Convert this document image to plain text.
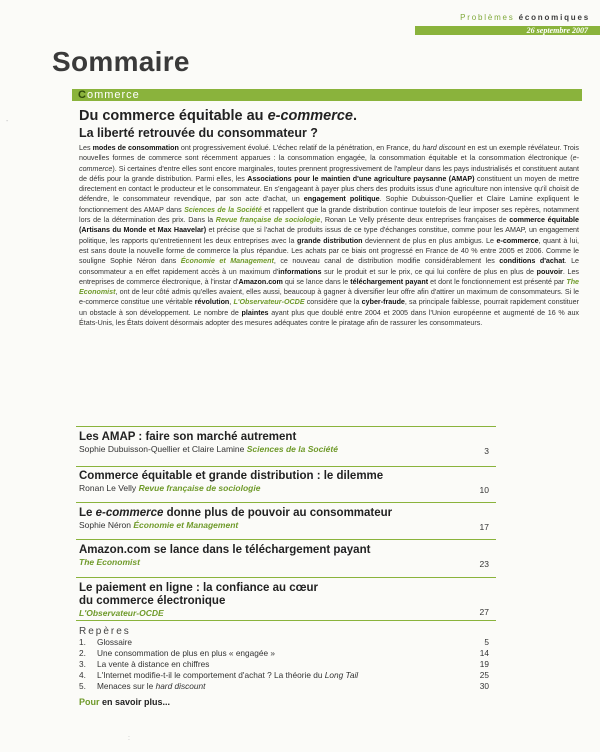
Problèmes économiques
26 septembre 2007
Sommaire
Commerce
Du commerce équitable au e-commerce.
La liberté retrouvée du consommateur ?

Les modes de consommation ont progressivement évolué. L'échec relatif de la pénétration, en France, du hard discount en est un exemple révélateur. Trois nouvelles formes de commerce sont récemment apparues : la consommation engagée, la consommation équitable et la consommation électronique (e-commerce). Si certaines d'entre elles sont encore marginales, toutes prennent progressivement de l'ampleur dans les pays industrialisés et constituent autant de défis pour la grande distribution. Parmi elles, les Associations pour le maintien d'une agriculture paysanne (AMAP) constituent un moyen de mettre directement en contact le producteur et le consommateur. En s'engageant à payer plus chers des produits issus d'une agriculture non intensive qu'il choisit de défendre, le consommateur revendique, par son acte d'achat, un engagement politique. Sophie Dubuisson-Quellier et Claire Lamine expliquent le fonctionnement des AMAP dans Sciences de la Société et rappellent que la grande distribution continue toutefois de leur imposer ses repères, notamment lors de la détermination des prix. Dans la Revue française de sociologie, Ronan Le Velly présente deux entreprises françaises de commerce équitable (Artisans du Monde et Max Haavelar) et précise que si l'achat de produits issus de ce type d'échanges constitue, comme pour les AMAP, un engagement politique, les rapports qu'entretiennent les deux entreprises avec la grande distribution deviennent de plus en plus ambigus. Le e-commerce, quant à lui, est sans doute la nouvelle forme de commerce la plus répandue. Les achats par ce biais ont progressé en France de 40 % entre 2005 et 2006. Comme le souligne Sophie Néron dans Économie et Management, ce nouveau canal de distribution modifie considérablement les conditions d'achat. Le consommateur a en effet rapidement accès à un maximum d'informations sur le produit et sur le prix, ce qui lui confère de plus en plus de pouvoir. Les entreprises de commerce électronique, à l'instar d'Amazon.com qui se lance dans le téléchargement payant et dont le fonctionnement est présenté par The Economist, ont de leur côté admis qu'elles avaient, elles aussi, beaucoup à gagner à diversifier leur offre afin d'attirer un maximum de consommateurs. Si le e-commerce constitue une véritable révolution, L'Observateur-OCDE considère que la cyber-fraude, sa principale faiblesse, pourrait rapidement constituer un obstacle à son développement. Le nombre de plaintes ayant plus que doublé entre 2004 et 2005 dans l'Union européenne et augmenté de 16 % aux États-Unis, les États doivent désormais adopter des mesures adéquates contre le piratage afin de rassurer les consommateurs.

Les AMAP : faire son marché autrement
Sophie Dubuisson-Quellier et Claire Lamine Sciences de la Société	3
Commerce équitable et grande distribution : le dilemme
Ronan Le Velly Revue française de sociologie	10
Le e-commerce donne plus de pouvoir au consommateur
Sophie Néron Économie et Management	17
Amazon.com se lance dans le téléchargement payant
The Economist	23
Le paiement en ligne : la confiance au cœur
du commerce électronique
L'Observateur-OCDE	27
Repères
1. Glossaire	5
2. Une consommation de plus en plus « engagée »	14
3. La vente à distance en chiffres	19
4. L'Internet modifie-t-il le comportement d'achat ? La théorie du Long Tail	25
5. Menaces sur le hard discount	30
Pour en savoir plus...
-
:
